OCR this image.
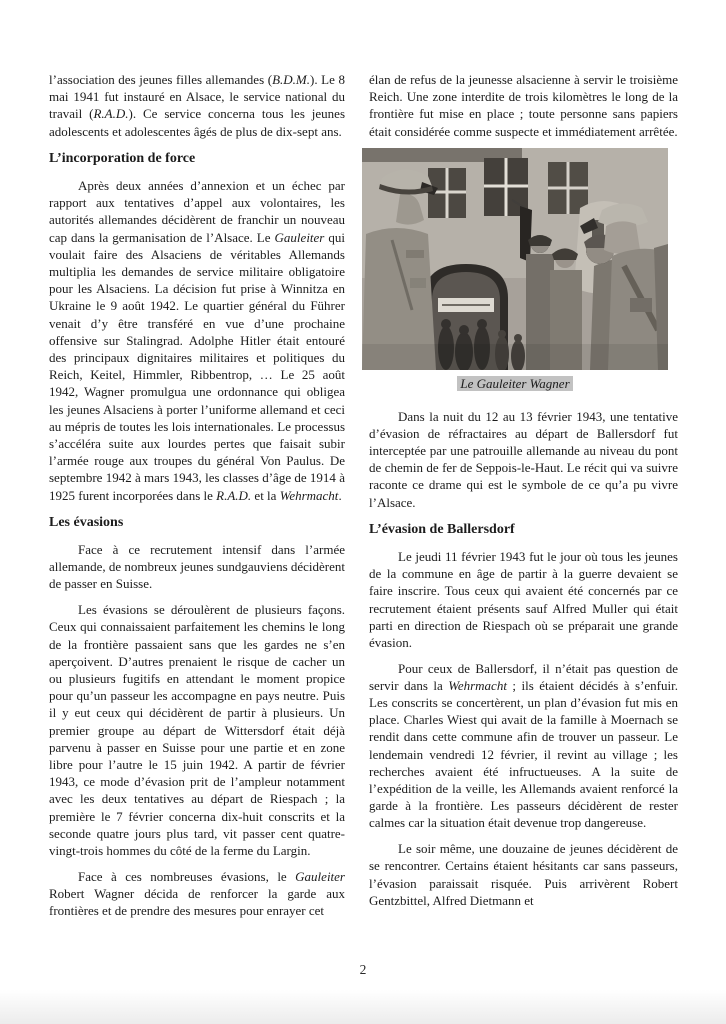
l’association des jeunes filles allemandes (B.D.M.). Le 8 mai 1941 fut instauré en Alsace, le service national du travail (R.A.D.). Ce service concerna tous les jeunes adolescents et adolescentes âgés de plus de dix-sept ans.

L’incorporation de force

Après deux années d’annexion et un échec par rapport aux tentatives d’appel aux volontaires, les autorités allemandes décidèrent de franchir un nouveau cap dans la germanisation de l’Alsace. Le Gauleiter qui voulait faire des Alsaciens de véritables Allemands multiplia les demandes de service militaire obligatoire pour les Alsaciens. La décision fut prise à Winnitza en Ukraine le 9 août 1942. Le quartier général du Führer venait d’y être transféré en vue d’une prochaine offensive sur Stalingrad. Adolphe Hitler était entouré des principaux dignitaires militaires et politiques du Reich, Keitel, Himmler, Ribbentrop, … Le 25 août 1942, Wagner promulgua une ordonnance qui obligea les jeunes Alsaciens à porter l’uniforme allemand et ceci au mépris de toutes les lois internationales. Le processus s’accéléra suite aux lourdes pertes que faisait subir l’armée rouge aux troupes du général Von Paulus. De septembre 1942 à mars 1943, les classes d’âge de 1914 à 1925 furent incorporées dans le R.A.D. et la Wehrmacht.

Les évasions

Face à ce recrutement intensif dans l’armée allemande, de nombreux jeunes sundgauviens décidèrent de passer en Suisse.

Les évasions se déroulèrent de plusieurs façons. Ceux qui connaissaient parfaitement les chemins le long de la frontière passaient sans que les gardes ne s’en aperçoivent. D’autres prenaient le risque de cacher un ou plusieurs fugitifs en attendant le moment propice pour qu’un passeur les accompagne en pays neutre. Puis il y eut ceux qui décidèrent de partir à plusieurs. Un premier groupe au départ de Wittersdorf était déjà parvenu à passer en Suisse pour une partie et en zone libre pour l’autre le 15 juin 1942. A partir de février 1943, ce mode d’évasion prit de l’ampleur notamment avec les deux tentatives au départ de Riespach ; la première le 7 février concerna dix-huit conscrits et la seconde quatre jours plus tard, vit passer cent quatre-vingt-trois hommes du côté de la ferme du Largin.

Face à ces nombreuses évasions, le Gauleiter Robert Wagner décida de renforcer la garde aux frontières et de prendre des mesures pour enrayer cet

élan de refus de la jeunesse alsacienne à servir le troisième Reich. Une zone interdite de trois kilomètres le long de la frontière fut mise en place ; toute personne sans papiers était considérée comme suspecte et immédiatement arrêtée.

Le Gauleiter Wagner

Dans la nuit du 12 au 13 février 1943, une tentative d’évasion de réfractaires au départ de Ballersdorf fut interceptée par une patrouille allemande au niveau du pont de chemin de fer de Seppois-le-Haut. Le récit qui va suivre raconte ce drame qui est le symbole de ce qu’a pu vivre l’Alsace.

L’évasion de Ballersdorf

Le jeudi 11 février 1943 fut le jour où tous les jeunes de la commune en âge de partir à la guerre devaient se faire inscrire. Tous ceux qui avaient été concernés par ce recrutement étaient présents sauf Alfred Muller qui était parti en direction de Riespach où se préparait une grande évasion.

Pour ceux de Ballersdorf, il n’était pas question de servir dans la Wehrmacht ; ils étaient décidés à s’enfuir. Les conscrits se concertèrent, un plan d’évasion fut mis en place. Charles Wiest qui avait de la famille à Moernach se rendit dans cette commune afin de trouver un passeur. Le lendemain vendredi 12 février, il revint au village ; les recherches avaient été infructueuses. A la suite de l’expédition de la veille, les Allemands avaient renforcé la garde à la frontière. Les passeurs décidèrent de rester calmes car la situation était devenue trop dangereuse.

Le soir même, une douzaine de jeunes décidèrent de se rencontrer. Certains étaient hésitants car sans passeurs, l’évasion paraissait risquée. Puis arrivèrent Robert Gentzbittel, Alfred Dietmann et

2
